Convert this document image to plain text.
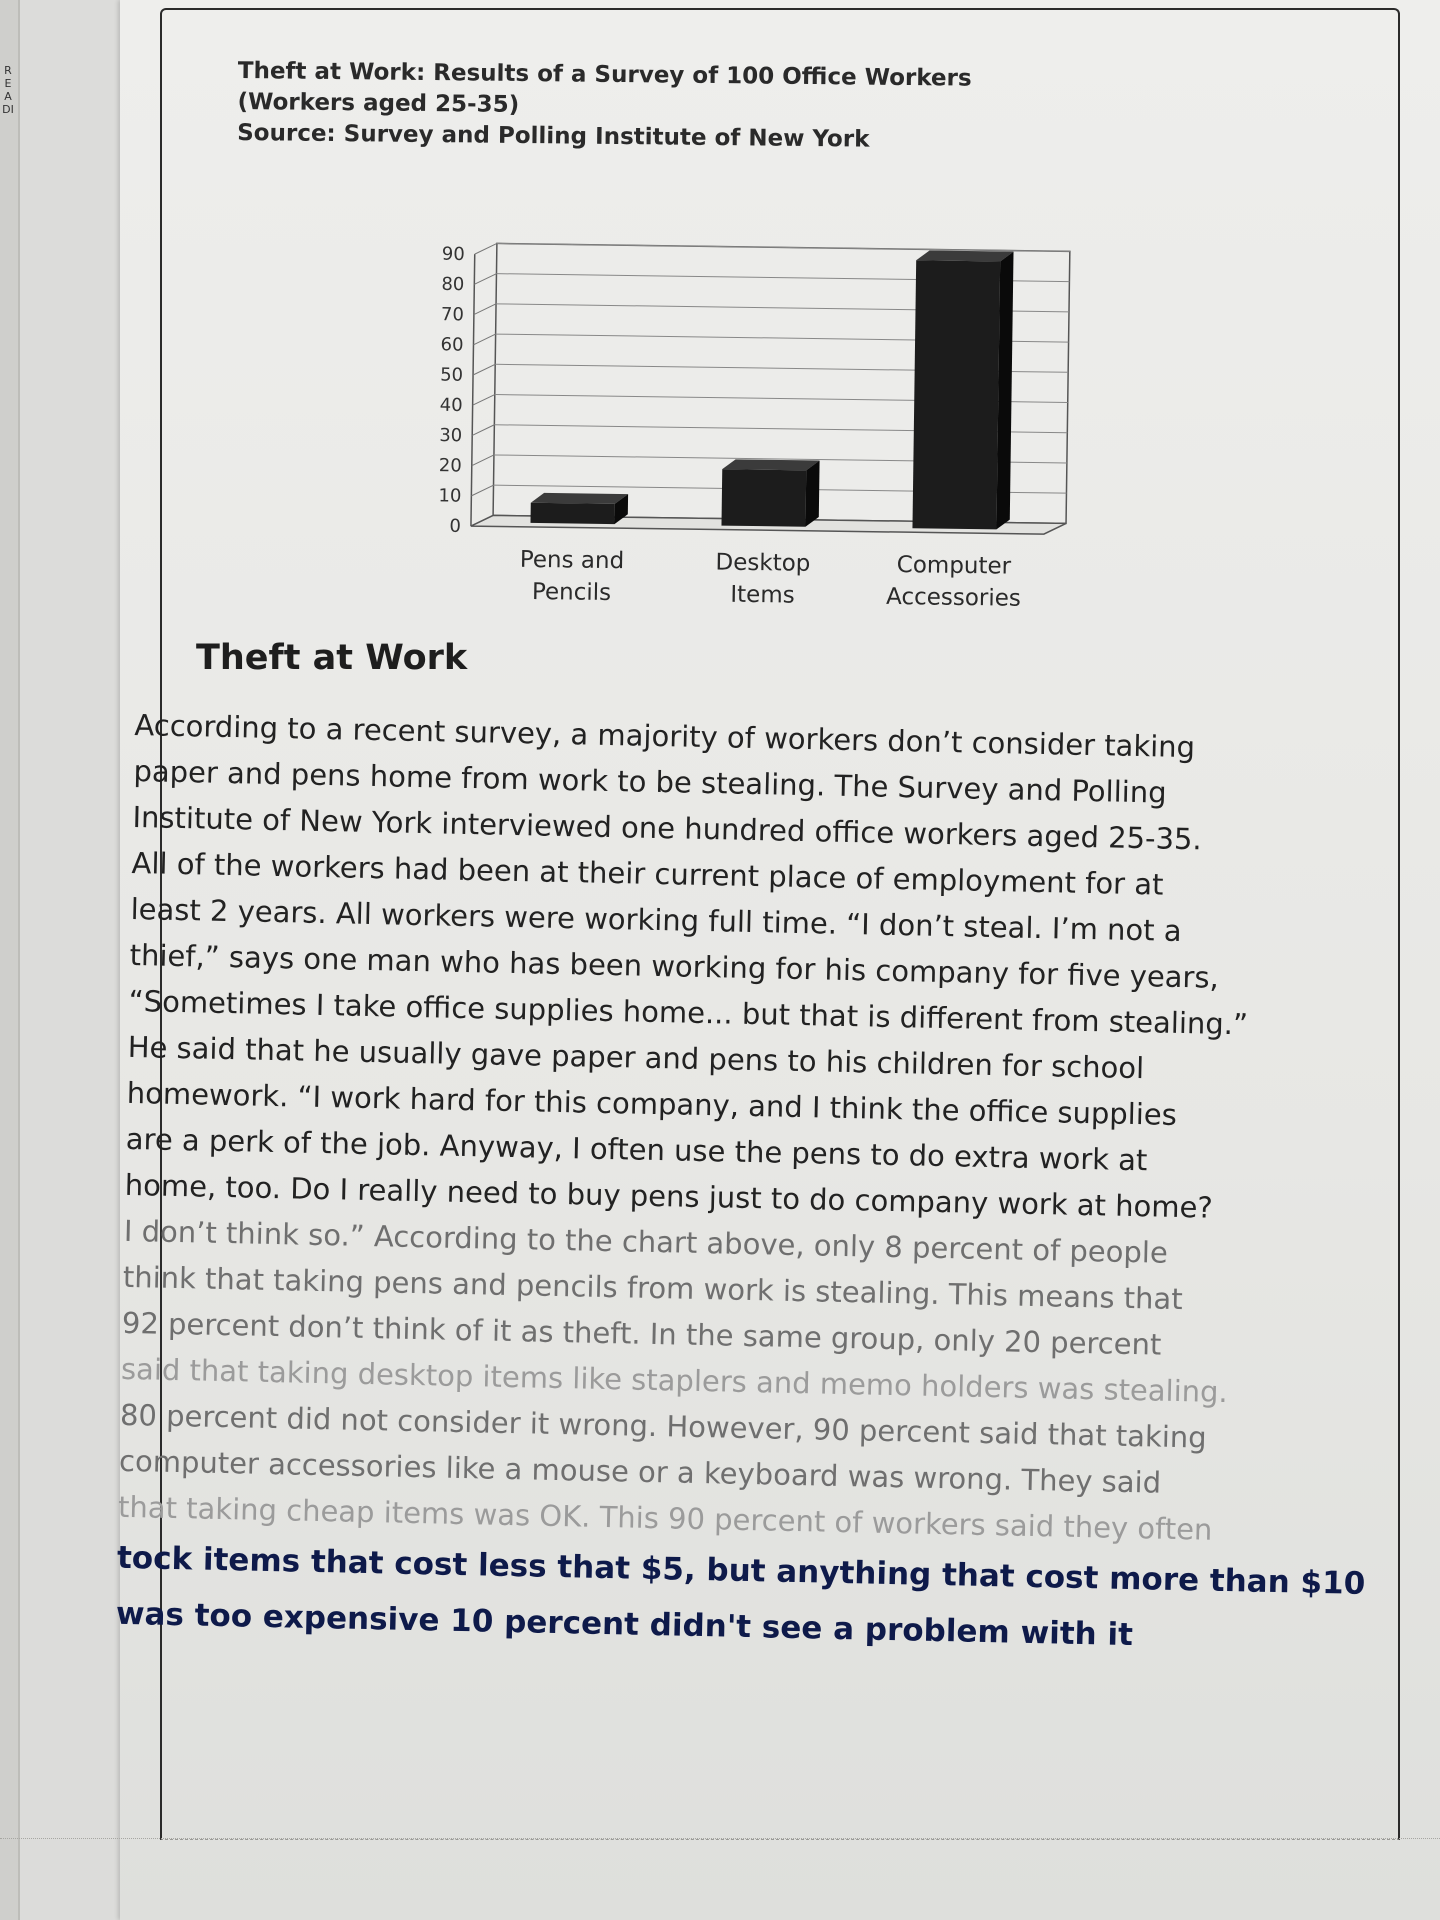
READI
Theft at Work: Results of a Survey of 100 Office Workers
(Workers aged 25-35)
Source: Survey and Polling Institute of New York
0
10
20
30
40
50
60
70
80
90
Pens and
Pencils
Desktop
Items
Computer
Accessories
Theft at Work
According to a recent survey, a majority of workers don’t consider taking
paper and pens home from work to be stealing. The Survey and Polling
Institute of New York interviewed one hundred office workers aged 25-35.
All of the workers had been at their current place of employment for at
least 2 years. All workers were working full time. “I don’t steal. I’m not a
thief,” says one man who has been working for his company for five years,
“Sometimes I take office supplies home... but that is different from stealing.”
He said that he usually gave paper and pens to his children for school
homework. “I work hard for this company, and I think the office supplies
are a perk of the job. Anyway, I often use the pens to do extra work at
home, too. Do I really need to buy pens just to do company work at home?
I don’t think so.” According to the chart above, only 8 percent of people
think that taking pens and pencils from work is stealing. This means that
92 percent don’t think of it as theft. In the same group, only 20 percent
said that taking desktop items like staplers and memo holders was stealing.
80 percent did not consider it wrong. However, 90 percent said that taking
computer accessories like a mouse or a keyboard was wrong. They said
that taking cheap items was OK. This 90 percent of workers said they often
tock items that cost less that $5, but anything that cost more than $10
was too expensive 10 percent didn't see a problem with it
